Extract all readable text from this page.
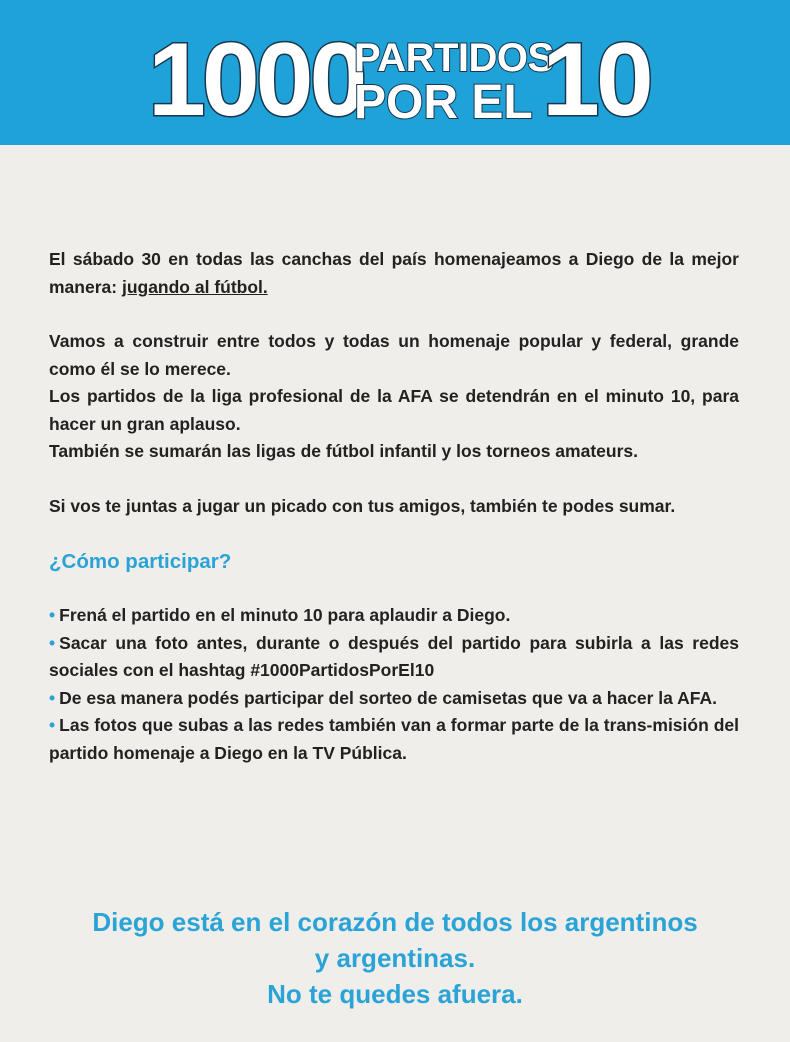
1000
PARTIDOS
POR EL 10

El sábado 30 en todas las canchas del país homenajeamos a Diego de la mejor manera: jugando al fútbol.

Vamos a construir entre todos y todas un homenaje popular y federal, grande como él se lo merece.

Los partidos de la liga profesional de la AFA se detendrán en el minuto 10, para hacer un gran aplauso.

También se sumarán las ligas de fútbol infantil y los torneos amateurs.

Si vos te juntas a jugar un picado con tus amigos, también te podes sumar.

¿Cómo participar?

• Frená el partido en el minuto 10 para aplaudir a Diego.

• Sacar una foto antes, durante o después del partido para subirla a las redes sociales con el hashtag #1000PartidosPorEl10

• De esa manera podés participar del sorteo de camisetas que va a hacer la AFA.

• Las fotos que subas a las redes también van a formar parte de la trans-misión del partido homenaje a Diego en la TV Pública.

Diego está en el corazón de todos los argentinos
y argentinas.
No te quedes afuera.
